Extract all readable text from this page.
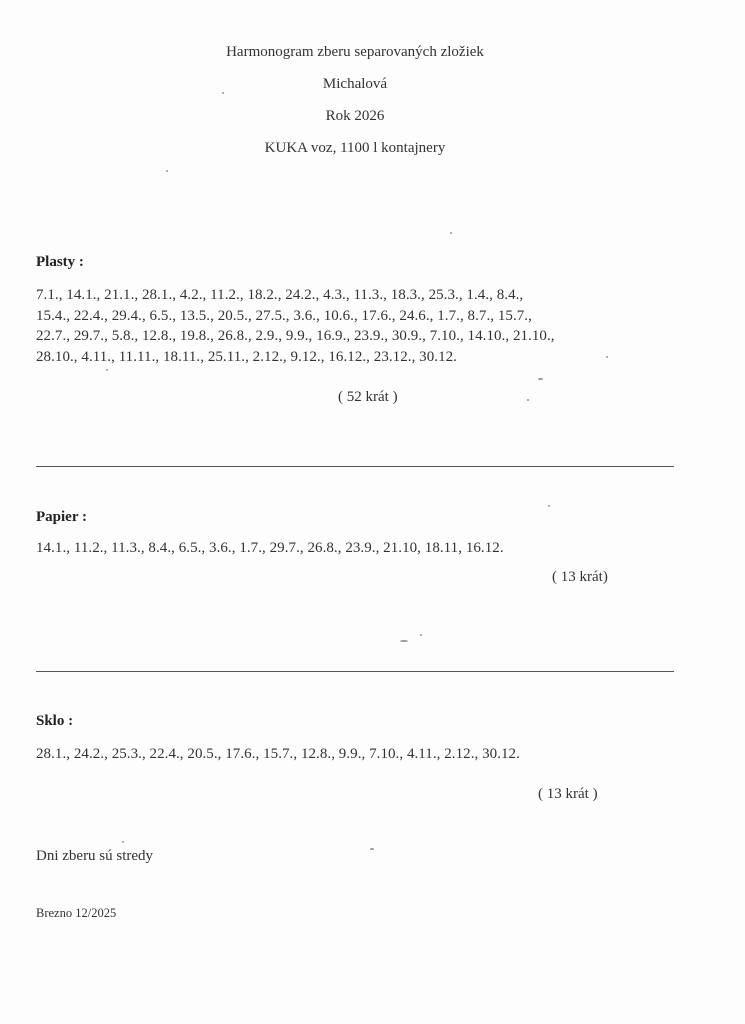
Harmonogram zberu separovaných zložiek
Michalová
Rok 2026
KUKA voz, 1100 l kontajnery
Plasty :
7.1., 14.1., 21.1., 28.1., 4.2., 11.2., 18.2., 24.2., 4.3., 11.3., 18.3., 25.3., 1.4., 8.4.,
15.4., 22.4., 29.4., 6.5., 13.5., 20.5., 27.5., 3.6., 10.6., 17.6., 24.6., 1.7., 8.7., 15.7.,
22.7., 29.7., 5.8., 12.8., 19.8., 26.8., 2.9., 9.9., 16.9., 23.9., 30.9., 7.10., 14.10., 21.10.,
28.10., 4.11., 11.11., 18.11., 25.11., 2.12., 9.12., 16.12., 23.12., 30.12.
( 52 krát )
Papier :
14.1., 11.2., 11.3., 8.4., 6.5., 3.6., 1.7., 29.7., 26.8., 23.9., 21.10, 18.11, 16.12.
( 13 krát)
Sklo :
28.1., 24.2., 25.3., 22.4., 20.5., 17.6., 15.7., 12.8., 9.9., 7.10., 4.11., 2.12., 30.12.
( 13 krát )
Dni zberu sú stredy
Brezno 12/2025
